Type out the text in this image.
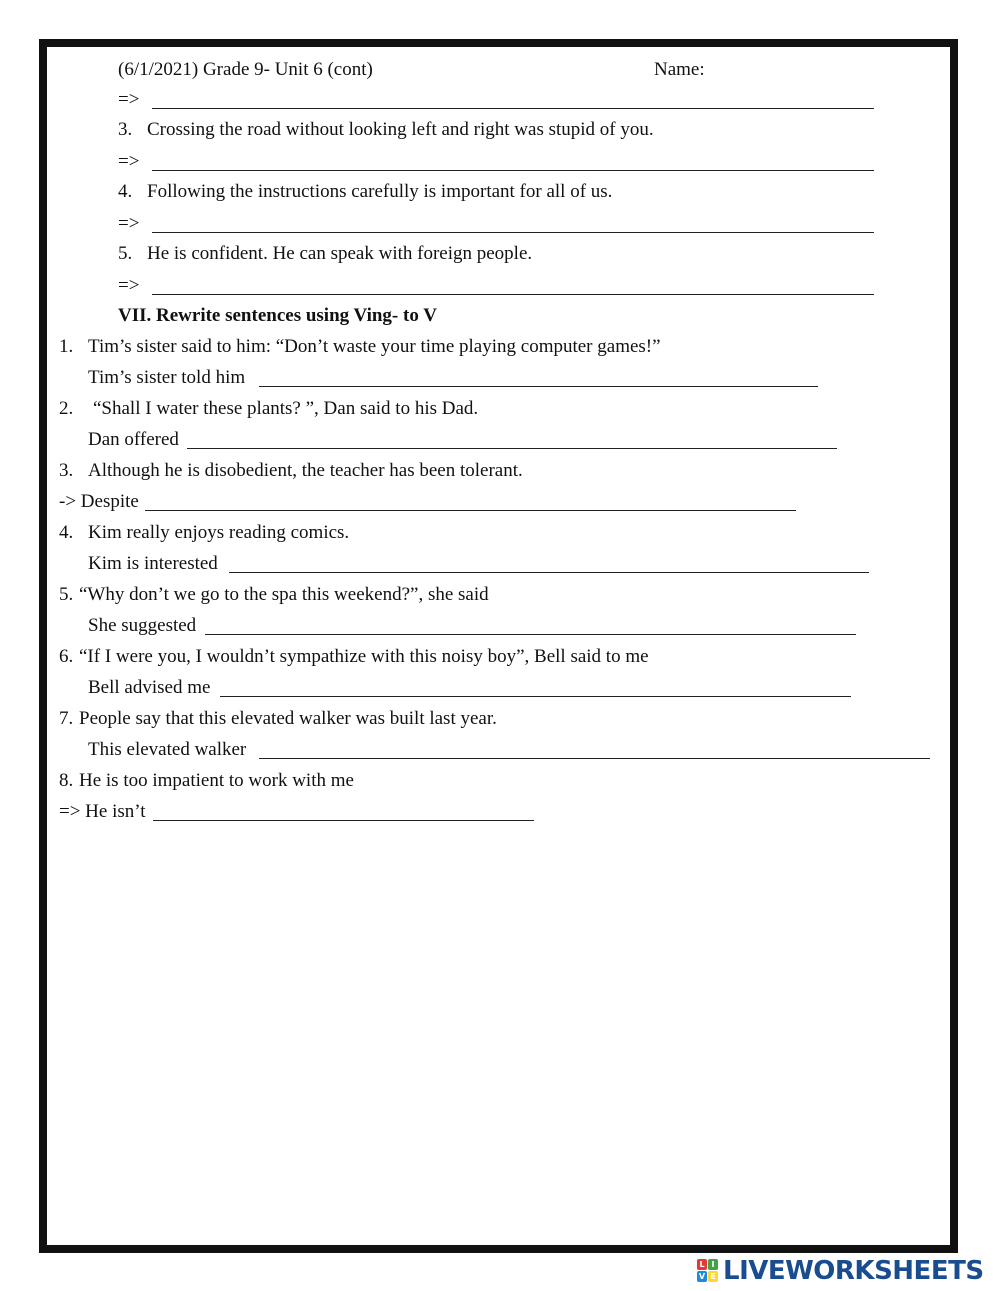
(6/1/2021) Grade 9- Unit 6 (cont)	Name:
=>
3. Crossing the road without looking left and right was stupid of you.
=>
4. Following the instructions carefully is important for all of us.
=>
5. He is confident. He can speak with foreign people.
=>
VII. Rewrite sentences using Ving- to V
1. Tim’s sister said to him: “Don’t waste your time playing computer games!”
Tim’s sister told him
2. “Shall I water these plants? ”, Dan said to his Dad.
Dan offered
3. Although he is disobedient, the teacher has been tolerant.
-> Despite
4. Kim really enjoys reading comics.
Kim is interested
5. “Why don’t we go to the spa this weekend?”, she said
She suggested
6. “If I were you, I wouldn’t sympathize with this noisy boy”, Bell said to me
Bell advised me
7. People say that this elevated walker was built last year.
This elevated walker
8. He is too impatient to work with me
=> He isn’t
L I
V E LIVEWORKSHEETS
